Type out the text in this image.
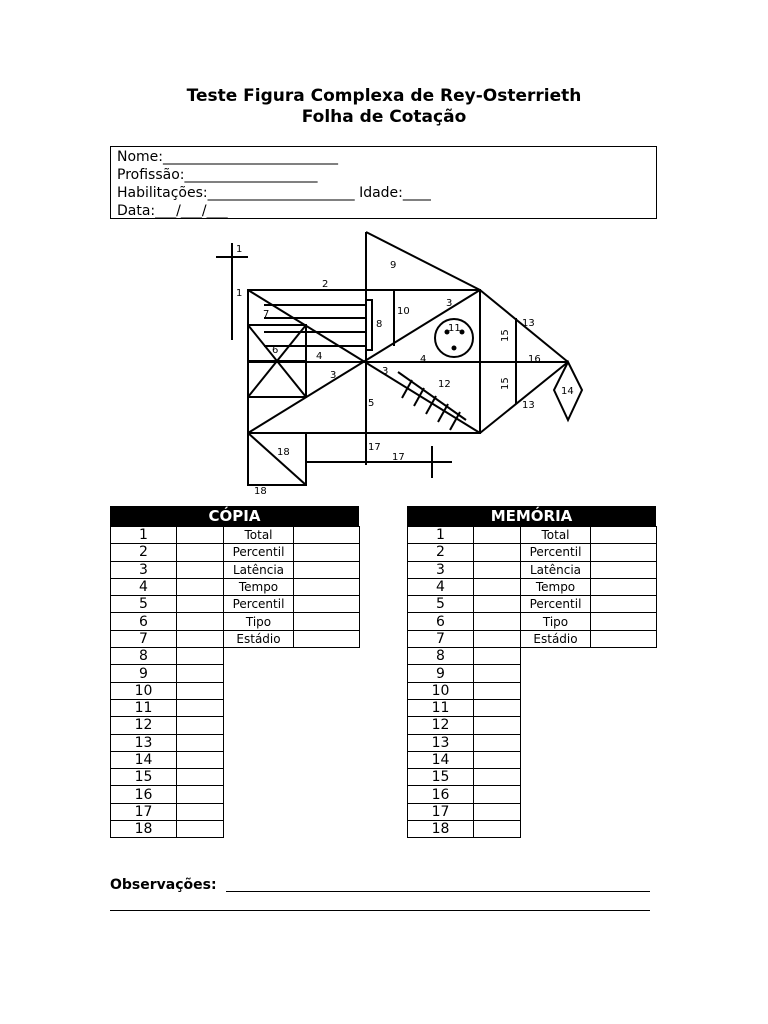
Teste Figura Complexa de Rey-Osterrieth
Folha de Cotação
Nome:_________________________
Profissão:___________________
Habilitações:_____________________ Idade:____
Data:___/___/___
1
1
2
3
3	3
4	4
5
6
7
8
9
10
11
12
13
13
14
15
15
16
17
17
18
18
CÓPIA
1		Total	
2		Percentil	
3		Latência	
4		Tempo	
5		Percentil	
6		Tipo	
7		Estádio	
8			
9			
10			
11			
12			
13			
14			
15			
16			
17			
18			
MEMÓRIA
1		Total	
2		Percentil	
3		Latência	
4		Tempo	
5		Percentil	
6		Tipo	
7		Estádio	
8			
9			
10			
11			
12			
13			
14			
15			
16			
17			
18			
Observações:
